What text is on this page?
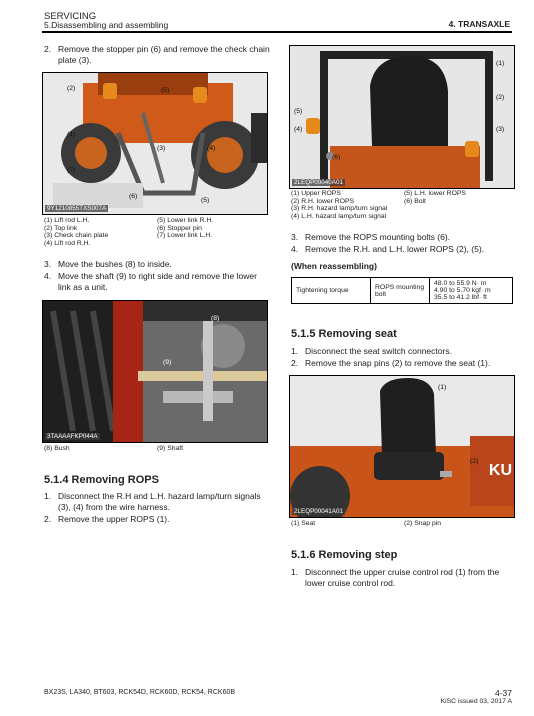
SERVICING
5.Disassembling and assembling	4. TRANSAXLE
2. Remove the stopper pin (6) and remove the check chain plate (3).
(2)	(5)
(1)
(3)	(4)
(7)
(6)
(5)
9Y1210855TXS007A
(1) Lift rod L.H.	(5) Lower link R.H.
(2) Top link	(6) Stopper pin
(3) Check chain plate	(7) Lower link L.H.
(4) Lift rod R.H.
3. Move the bushes (8) to inside.
4. Move the shaft (9) to right side and remove the lower link as a unit.
(8)
(9)
3TAAAAFKP044A
(8) Bush	(9) Shaft
5.1.4 Removing ROPS
1. Disconnect the R.H and L.H. hazard lamp/turn signals (3), (4) from the wire harness.
2. Remove the upper ROPS (1).
(1)
(2)
(5)
(4)	(3)
(6)
2LEQP00040A01
(1) Upper ROPS	(5) L.H. lower ROPS
(2) R.H. lower ROPS	(6) Bolt
(3) R.H. hazard lamp/turn signal
(4) L.H. hazard lamp/turn signal
3. Remove the ROPS mounting bolts (6).
4. Remove the R.H. and L.H. lower ROPS (2), (5).
(When reassembling)
Tightening torque	ROPS mounting bolt	
48.0 to 55.9 N· m
4.90 to 5.70 kgf· m
35.5 to 41.2 lbf· ft
5.1.5 Removing seat
1. Disconnect the seat switch connectors.
2. Remove the snap pins (2) to remove the seat (1).
(1)
(2)
KU
2LEQP00041A01
(1) Seat	(2) Snap pin
5.1.6 Removing step
1. Disconnect the upper cruise control rod (1) from the lower cruise control rod.
BX23S, LA340, BT603, RCK54D, RCK60D, RCK54, RCK60B	4-37
KiSC issued 03, 2017 A
